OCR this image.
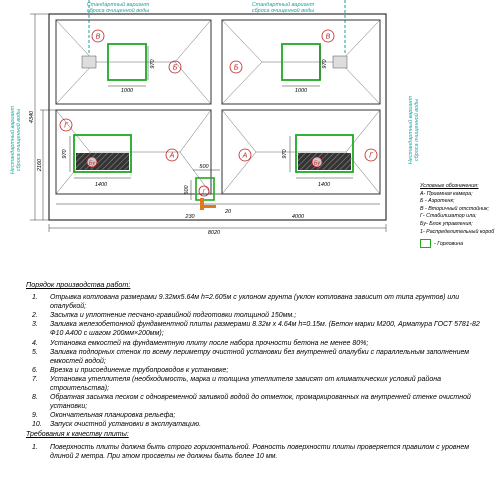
Стандартный вариант сброса очищенной воды
Стандартный вариант сброса очищенной воды
Нестандартный вариантсброса очищенной воды	Нестандартный вариантсброса очищенной воды
В	В
Г
Г
Б	Б
А	А
Бу	Бу
Г
4340
2160
8020
4000
970
1000
970
1000
970
1400
970
1400
500
500
230
20
Условные обозначения:
А- Приемная камера;
Б - Аэротенк;
В - Вторичный отстойник;
Г- Стабилизатор ила;
Бу- Блок управления;
1- Распределительный короб
- Горловина
Порядок производства работ:
1. Отрывка котлована размерами 9.32мх5.64м h=2.605м с уклоном грунта (уклон котлована зависит от типа грунтов) или опалубкой;
2. Засыпка и уплотнение песчано-гравийной подготовки толщиной 150мм.;
3. Заливка железобетонной фундаментной плиты размерами 8.32м х 4.64м h=0.15м. (Бетон марки М200, Арматура ГОСТ 5781-82 Ф10 А400 с шагом 200мм×200мм);
4. Установка емкостей на фундаментную плиту после набора прочности бетона не менее 80%;
5. Заливка подпорных стенок по всему периметру очистной установки без внутренней опалубки с параллельным заполнением емкостей водой;
6. Врезка и присоединение трубопроводов к установке;
7. Установка утеплителя (необходимость, марка и толщина утеплителя зависят от климатических условий района строительства);
8. Обратная засыпка песком с одновременной заливкой водой до отметок, промаркированных на внутренней стенке очистной установки;
9. Окончательная планировка рельефа;
10. Запуск очистной установки в эксплуатацию.
Требования к качеству плиты:
1. Поверхность плиты должна быть строго горизонтальной. Ровность поверхности плиты проверяется правилом с уровнем длиной 2 метра. При этом просветы не должны быть более 10 мм.
